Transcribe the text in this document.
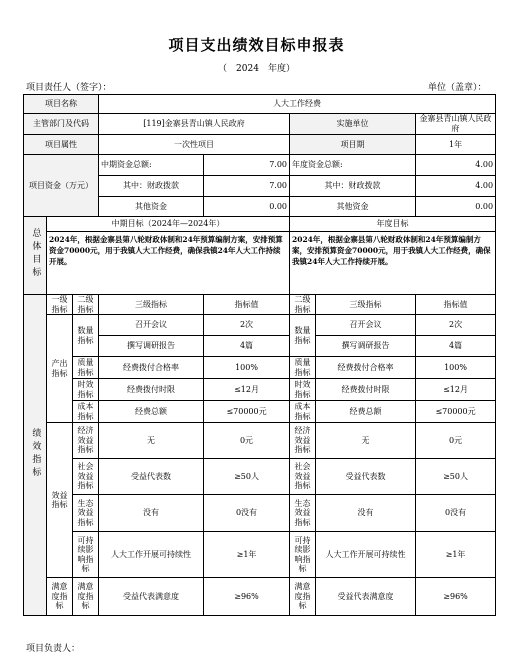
项目支出绩效目标申报表
（　2024　年度）
项目责任人（签字）：	单位（盖章）：
项目名称			人大工作经费				
主管部门及代码			[119]金寨县青山镇人民政府		实施单位		金寨县青山镇人民政府
项目属性			一次性项目		项目期		1年
项目资金（万元）			中期资金总额:	7.00	年度资金总额:		4.00
			其中：财政拨款	7.00	其中：财政拨款		4.00
			其他资金	0.00	其他资金		0.00
总体目标	中期目标（2024年—2024年）				年度目标		
	2024年，根据金寨县第八轮财政体制和24年预算编制方案，安排预算资金70000元，用于我镇人大工作经费，确保我镇24年人大工作持续开展。				2024年，根据金寨县第八轮财政体制和24年预算编制方案，安排预算资金70000元，用于我镇人大工作经费，确保我镇24年人大工作持续开展。		
绩效指标	一级指标	二级指标	三级指标	指标值	二级指标	三级指标	指标值
	产出指标	数量指标	召开会议	2次	数量指标	召开会议	2次
			撰写调研报告	4篇		撰写调研报告	4篇
		质量指标	经费拨付合格率	100%	质量指标	经费拨付合格率	100%
		时效指标	经费拨付时限	≤12月	时效指标	经费拨付时限	≤12月
		成本指标	经费总额	≤70000元	成本指标	经费总额	≤70000元
	效益指标	经济效益指标	无	0元	经济效益指标	无	0元
		社会效益指标	受益代表数	≥50人	社会效益指标	受益代表数	≥50人
		生态效益指标	没有	0没有	生态效益指标	没有	0没有
		可持续影响指标	人大工作开展可持续性	≥1年	可持续影响指标	人大工作开展可持续性	≥1年
	满意度指标	满意度指标	受益代表满意度	≥96%	满意度指标	受益代表满意度	≥96%
项目负责人：
